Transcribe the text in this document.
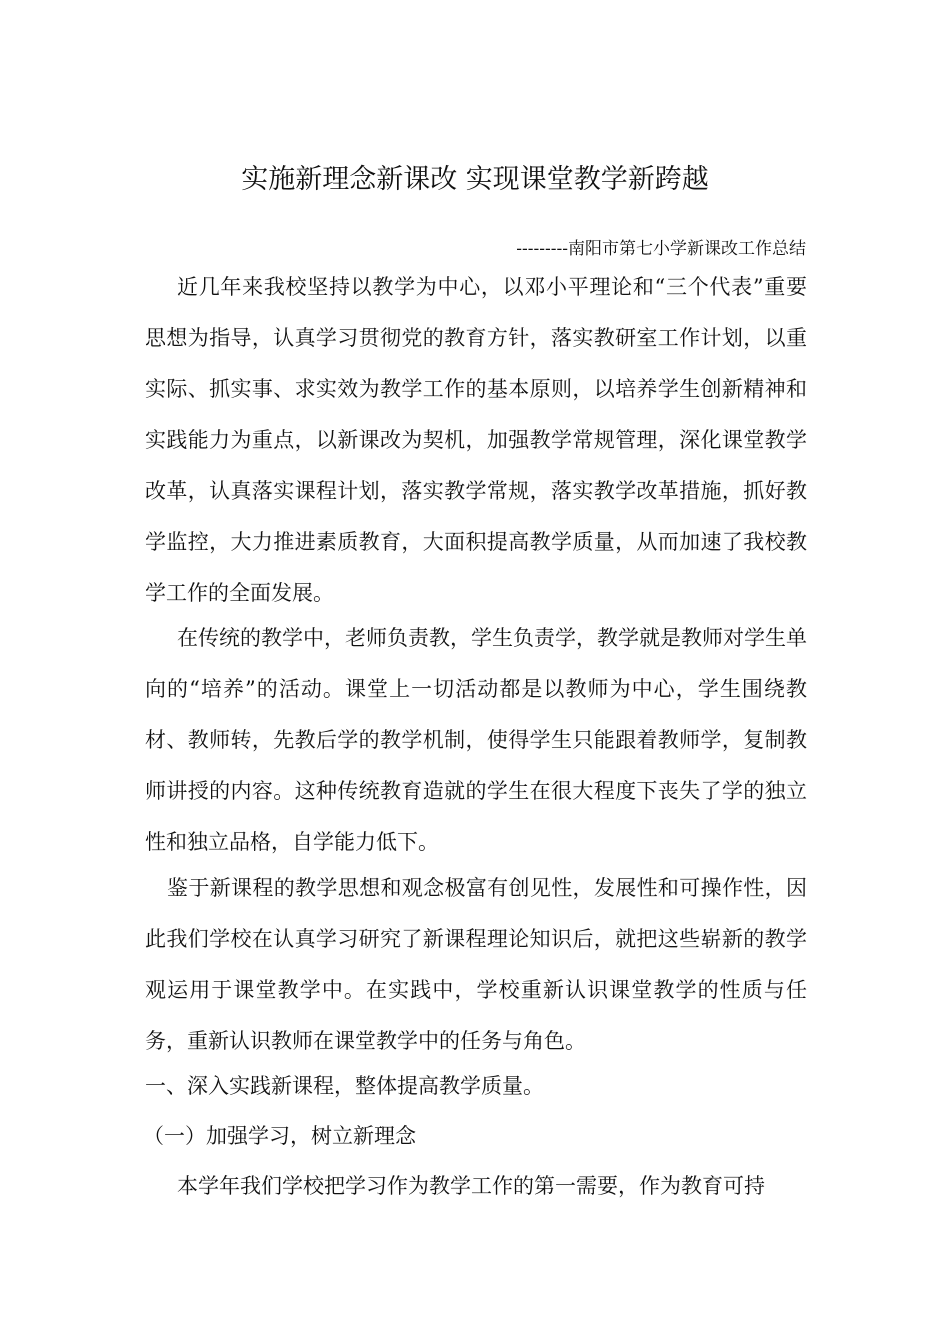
实施新理念新课改 实现课堂教学新跨越
---------南阳市第七小学新课改工作总结

近几年来我校坚持以教学为中心，以邓小平理论和“三个代表”重要思想为指导，认真学习贯彻党的教育方针，落实教研室工作计划，以重实际、抓实事、求实效为教学工作的基本原则，以培养学生创新精神和实践能力为重点，以新课改为契机，加强教学常规管理，深化课堂教学改革，认真落实课程计划，落实教学常规，落实教学改革措施，抓好教学监控，大力推进素质教育，大面积提高教学质量，从而加速了我校教学工作的全面发展。

在传统的教学中，老师负责教，学生负责学，教学就是教师对学生单向的“培养”的活动。课堂上一切活动都是以教师为中心，学生围绕教材、教师转，先教后学的教学机制，使得学生只能跟着教师学，复制教师讲授的内容。这种传统教育造就的学生在很大程度下丧失了学的独立性和独立品格，自学能力低下。

鉴于新课程的教学思想和观念极富有创见性，发展性和可操作性，因此我们学校在认真学习研究了新课程理论知识后，就把这些崭新的教学观运用于课堂教学中。在实践中，学校重新认识课堂教学的性质与任务，重新认识教师在课堂教学中的任务与角色。

一、深入实践新课程，整体提高教学质量。
（一）加强学习，树立新理念

本学年我们学校把学习作为教学工作的第一需要，作为教育可持
